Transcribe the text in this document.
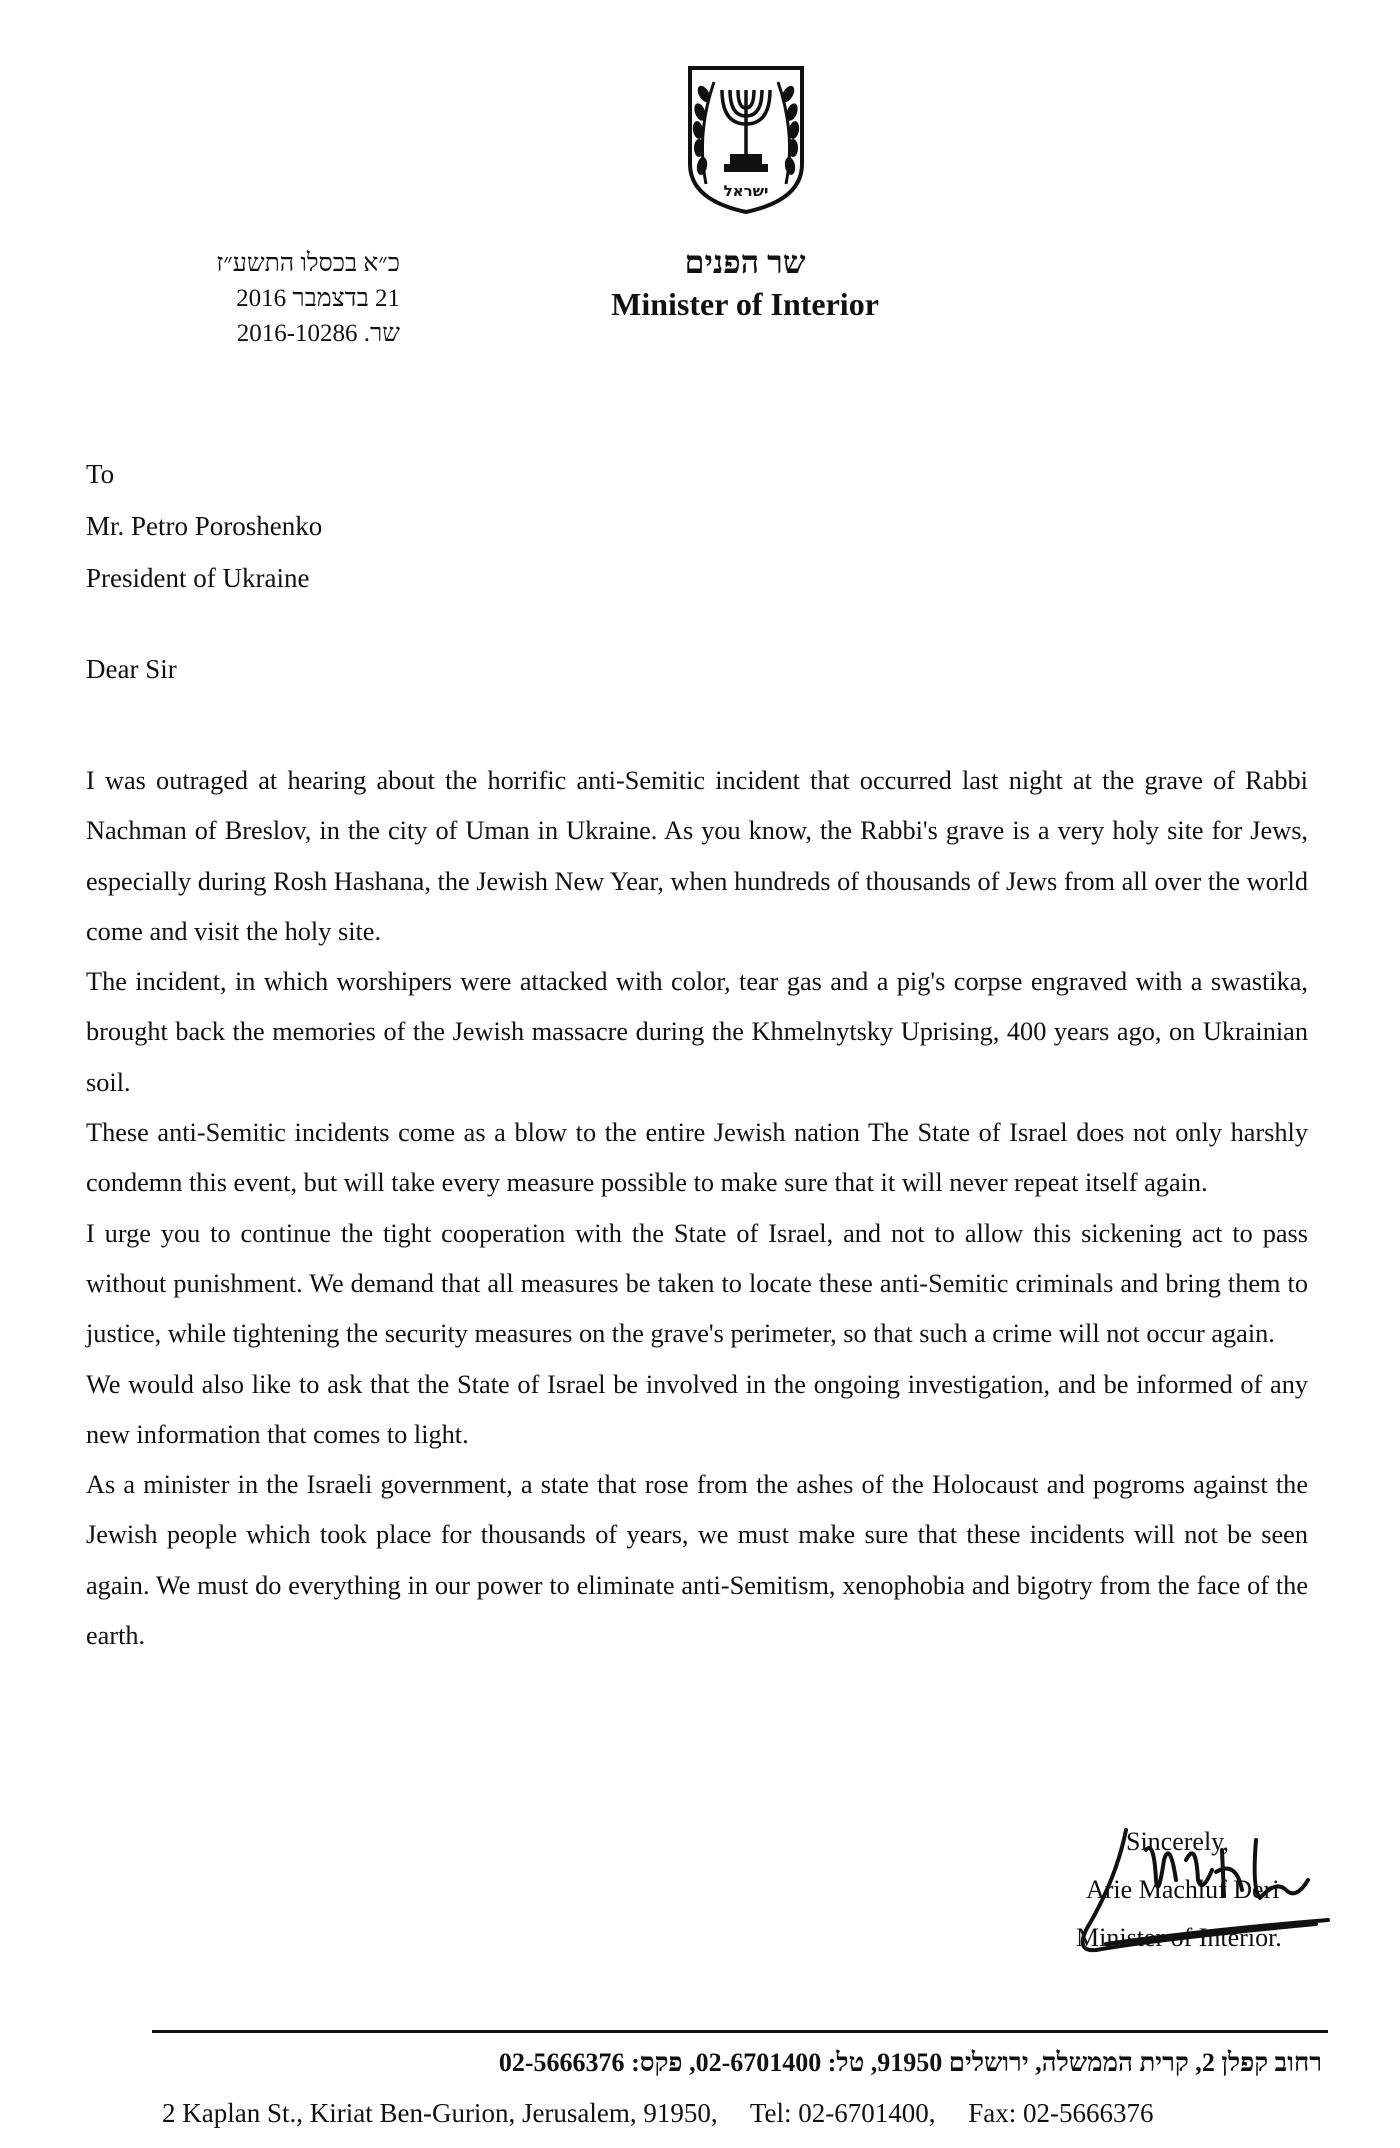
ישראל
כ״א בכסלו התשע״ז
21 בדצמבר 2016
שר. 2016-10286
שר הפנים
Minister of Interior
To
Mr. Petro Poroshenko
President of Ukraine
Dear Sir

I was outraged at hearing about the horrific anti-Semitic incident that occurred last night at the grave of Rabbi Nachman of Breslov, in the city of Uman in Ukraine. As you know, the Rabbi's grave is a very holy site for Jews, especially during Rosh Hashana, the Jewish New Year, when hundreds of thousands of Jews from all over the world come and visit the holy site.

The incident, in which worshipers were attacked with color, tear gas and a pig's corpse engraved with a swastika, brought back the memories of the Jewish massacre during the Khmelnytsky Uprising, 400 years ago, on Ukrainian soil.

These anti-Semitic incidents come as a blow to the entire Jewish nation The State of Israel does not only harshly condemn this event, but will take every measure possible to make sure that it will never repeat itself again.

I urge you to continue the tight cooperation with the State of Israel, and not to allow this sickening act to pass without punishment. We demand that all measures be taken to locate these anti-Semitic criminals and bring them to justice, while tightening the security measures on the grave's perimeter, so that such a crime will not occur again.

We would also like to ask that the State of Israel be involved in the ongoing investigation, and be informed of any new information that comes to light.

As a minister in the Israeli government, a state that rose from the ashes of the Holocaust and pogroms against the Jewish people which took place for thousands of years, we must make sure that these incidents will not be seen again. We must do everything in our power to eliminate anti-Semitism, xenophobia and bigotry from the face of the earth.

Sincerely,
Arie Machluf Deri
Minister of Interior.
רחוב קפלן 2, קרית הממשלה, ירושלים 91950, טל: 02-6701400, פקס: 02-5666376
2 Kaplan St., Kiriat Ben-Gurion, Jerusalem, 91950, Tel: 02-6701400, Fax: 02-5666376
